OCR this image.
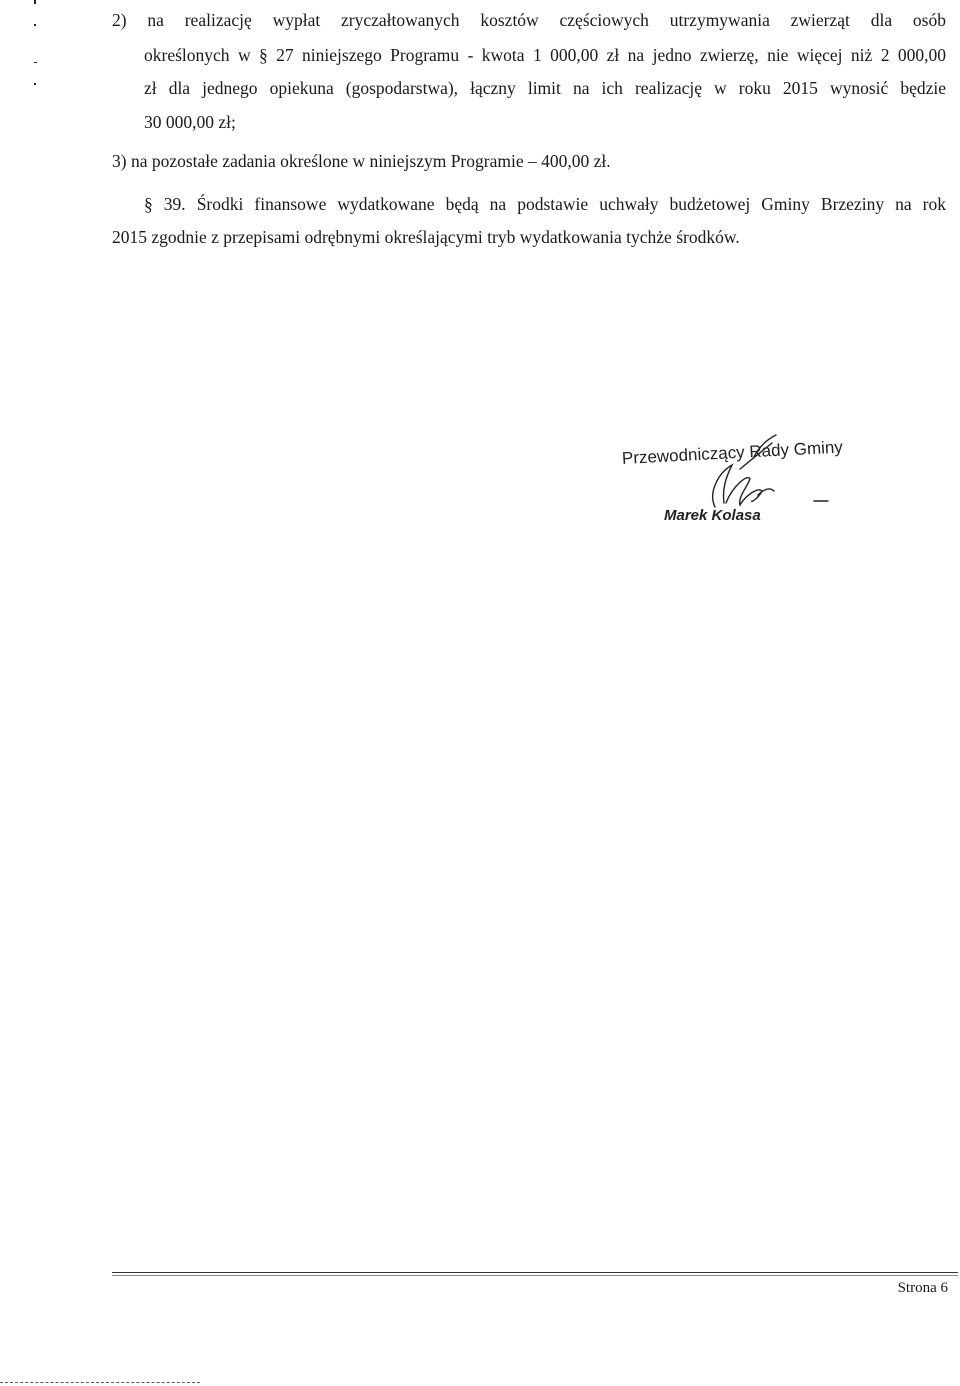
2) na realizację wypłat zryczałtowanych kosztów częściowych utrzymywania zwierząt dla osób
określonych w § 27 niniejszego Programu - kwota 1 000,00 zł na jedno zwierzę, nie więcej niż 2 000,00
zł dla jednego opiekuna (gospodarstwa), łączny limit na ich realizację w roku 2015 wynosić będzie
30 000,00 zł;
3) na pozostałe zadania określone w niniejszym Programie – 400,00 zł.
§ 39. Środki finansowe wydatkowane będą na podstawie uchwały budżetowej Gminy Brzeziny na rok
2015 zgodnie z przepisami odrębnymi określającymi tryb wydatkowania tychże środków.
Przewodniczący Rady Gminy
Marek Kolasa
Strona 6
